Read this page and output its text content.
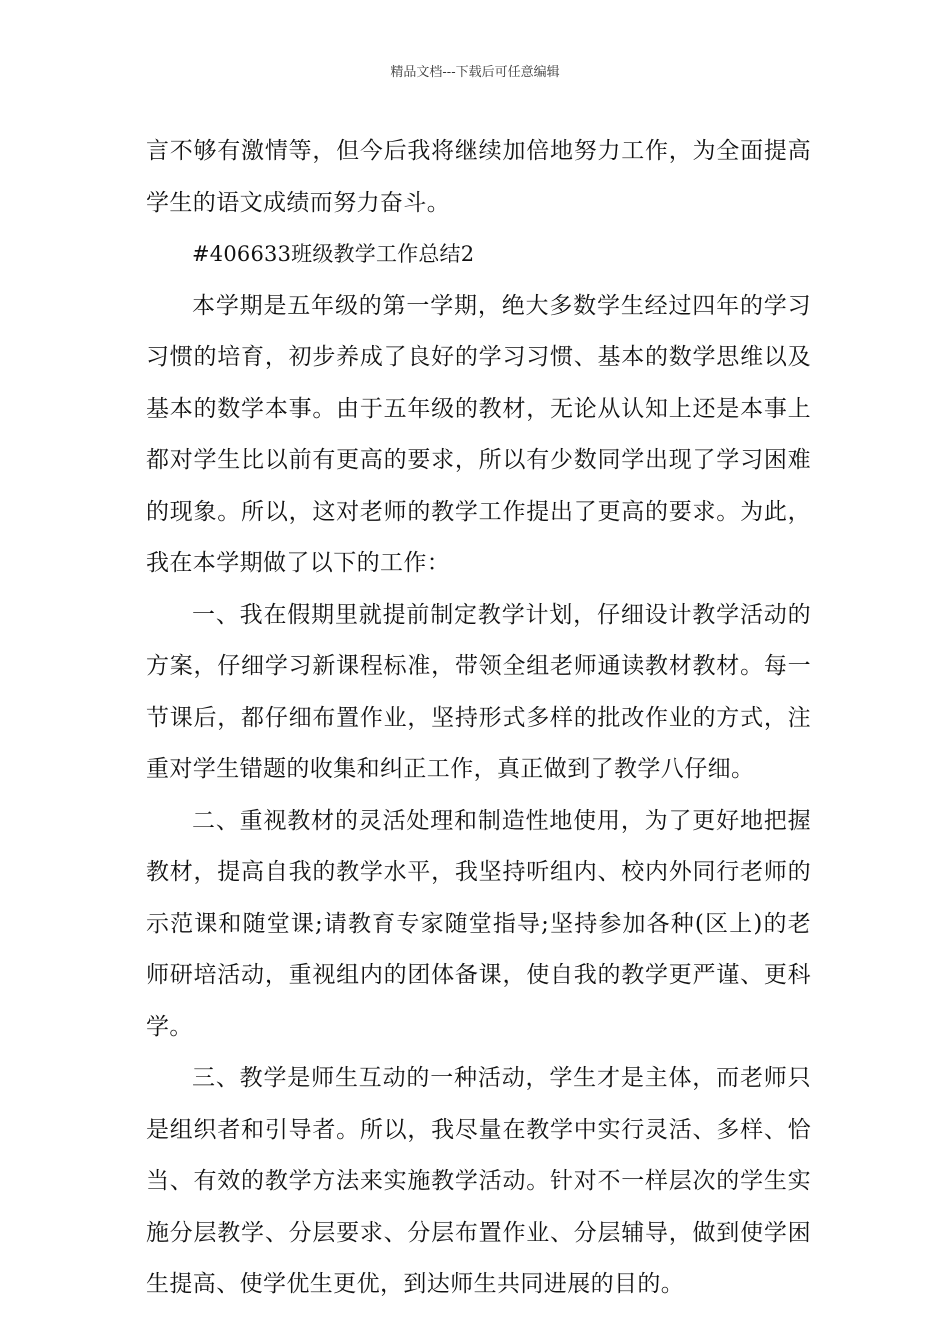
精品文档---下载后可任意编辑

言不够有激情等，但今后我将继续加倍地努力工作，为全面提高学生的语文成绩而努力奋斗。

#406633班级教学工作总结2

本学期是五年级的第一学期，绝大多数学生经过四年的学习习惯的培育，初步养成了良好的学习习惯、基本的数学思维以及基本的数学本事。由于五年级的教材，无论从认知上还是本事上都对学生比以前有更高的要求，所以有少数同学出现了学习困难的现象。所以，这对老师的教学工作提出了更高的要求。为此，我在本学期做了以下的工作：

一、我在假期里就提前制定教学计划，仔细设计教学活动的方案，仔细学习新课程标准，带领全组老师通读教材教材。每一节课后，都仔细布置作业，坚持形式多样的批改作业的方式，注重对学生错题的收集和纠正工作，真正做到了教学八仔细。

二、重视教材的灵活处理和制造性地使用，为了更好地把握教材，提高自我的教学水平，我坚持听组内、校内外同行老师的示范课和随堂课;请教育专家随堂指导;坚持参加各种(区上)的老师研培活动，重视组内的团体备课，使自我的教学更严谨、更科学。

三、教学是师生互动的一种活动，学生才是主体，而老师只是组织者和引导者。所以，我尽量在教学中实行灵活、多样、恰当、有效的教学方法来实施教学活动。针对不一样层次的学生实施分层教学、分层要求、分层布置作业、分层辅导，做到使学困生提高、使学优生更优，到达师生共同进展的目的。
